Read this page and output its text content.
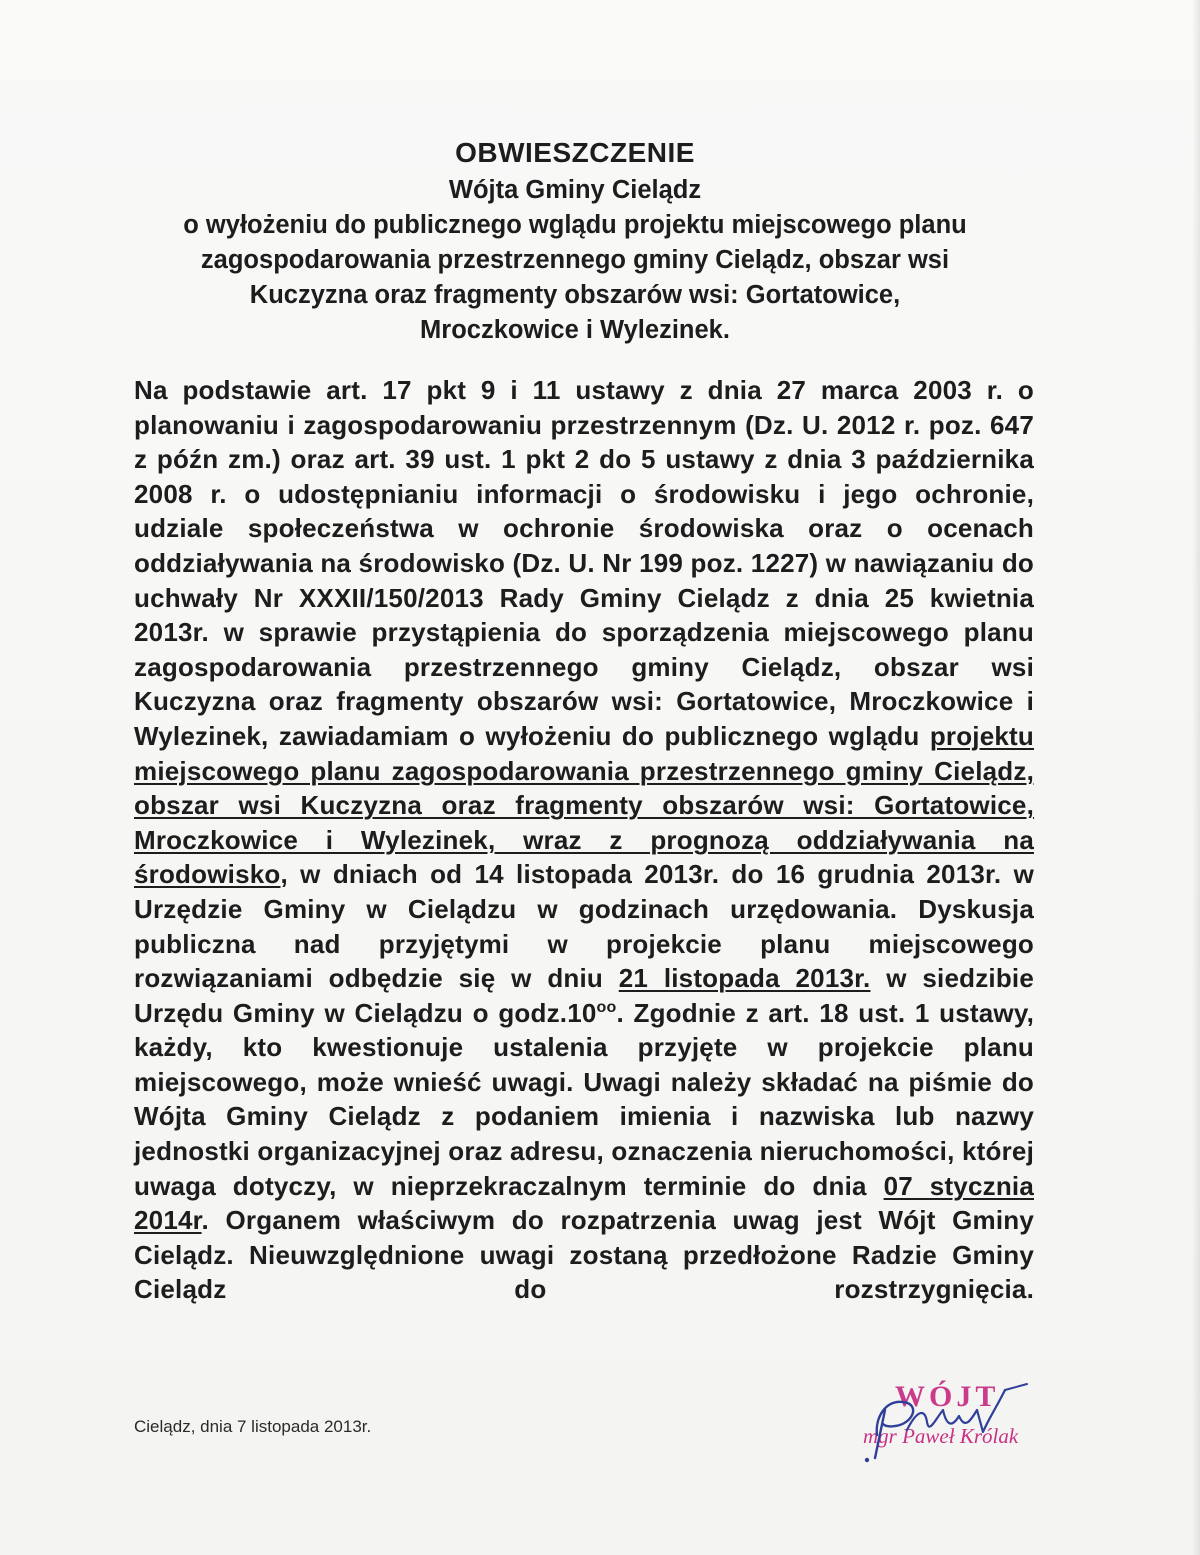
OBWIESZCZENIE
Wójta Gminy Cielądz
o wyłożeniu do publicznego wglądu projektu miejscowego planu
zagospodarowania przestrzennego gminy Cielądz, obszar wsi
Kuczyzna oraz fragmenty obszarów wsi: Gortatowice,
Mroczkowice i Wylezinek.
Na podstawie art. 17 pkt 9 i 11 ustawy z dnia 27 marca 2003 r. o planowaniu i zagospodarowaniu przestrzennym (Dz. U. 2012 r. poz. 647 z późn zm.) oraz art. 39 ust. 1 pkt 2 do 5 ustawy z dnia 3 października 2008 r. o udostępnianiu informacji o środowisku i jego ochronie, udziale społeczeństwa w ochronie środowiska oraz o ocenach oddziaływania na środowisko (Dz. U. Nr 199 poz. 1227) w nawiązaniu do uchwały Nr XXXII/150/2013 Rady Gminy Cielądz z dnia 25 kwietnia 2013r. w sprawie przystąpienia do sporządzenia miejscowego planu zagospodarowania przestrzennego gminy Cielądz, obszar wsi Kuczyzna oraz fragmenty obszarów wsi: Gortatowice, Mroczkowice i Wylezinek, zawiadamiam o wyłożeniu do publicznego wglądu projektu miejscowego planu zagospodarowania przestrzennego gminy Cielądz, obszar wsi Kuczyzna oraz fragmenty obszarów wsi: Gortatowice, Mroczkowice i Wylezinek, wraz z prognozą oddziaływania na środowisko, w dniach od 14 listopada 2013r. do 16 grudnia 2013r. w Urzędzie Gminy w Cielądzu w godzinach urzędowania. Dyskusja publiczna nad przyjętymi w projekcie planu miejscowego rozwiązaniami odbędzie się w dniu 21 listopada 2013r. w siedzibie Urzędu Gminy w Cielądzu o $godz.10^{oo}$. Zgodnie z art. 18 ust. 1 ustawy, każdy, kto kwestionuje ustalenia przyjęte w projekcie planu miejscowego, może wnieść uwagi. Uwagi należy składać na piśmie do Wójta Gminy Cielądz z podaniem imienia i nazwiska lub nazwy jednostki organizacyjnej oraz adresu, oznaczenia nieruchomości, której uwaga dotyczy, w nieprzekraczalnym terminie do dnia 07 stycznia 2014r. Organem właściwym do rozpatrzenia uwag jest Wójt Gminy Cielądz. Nieuwzględnione uwagi zostaną przedłożone Radzie Gminy Cielądz do rozstrzygnięcia.
Cielądz, dnia 7 listopada 2013r.
WÓJT
mgr Paweł Królak
